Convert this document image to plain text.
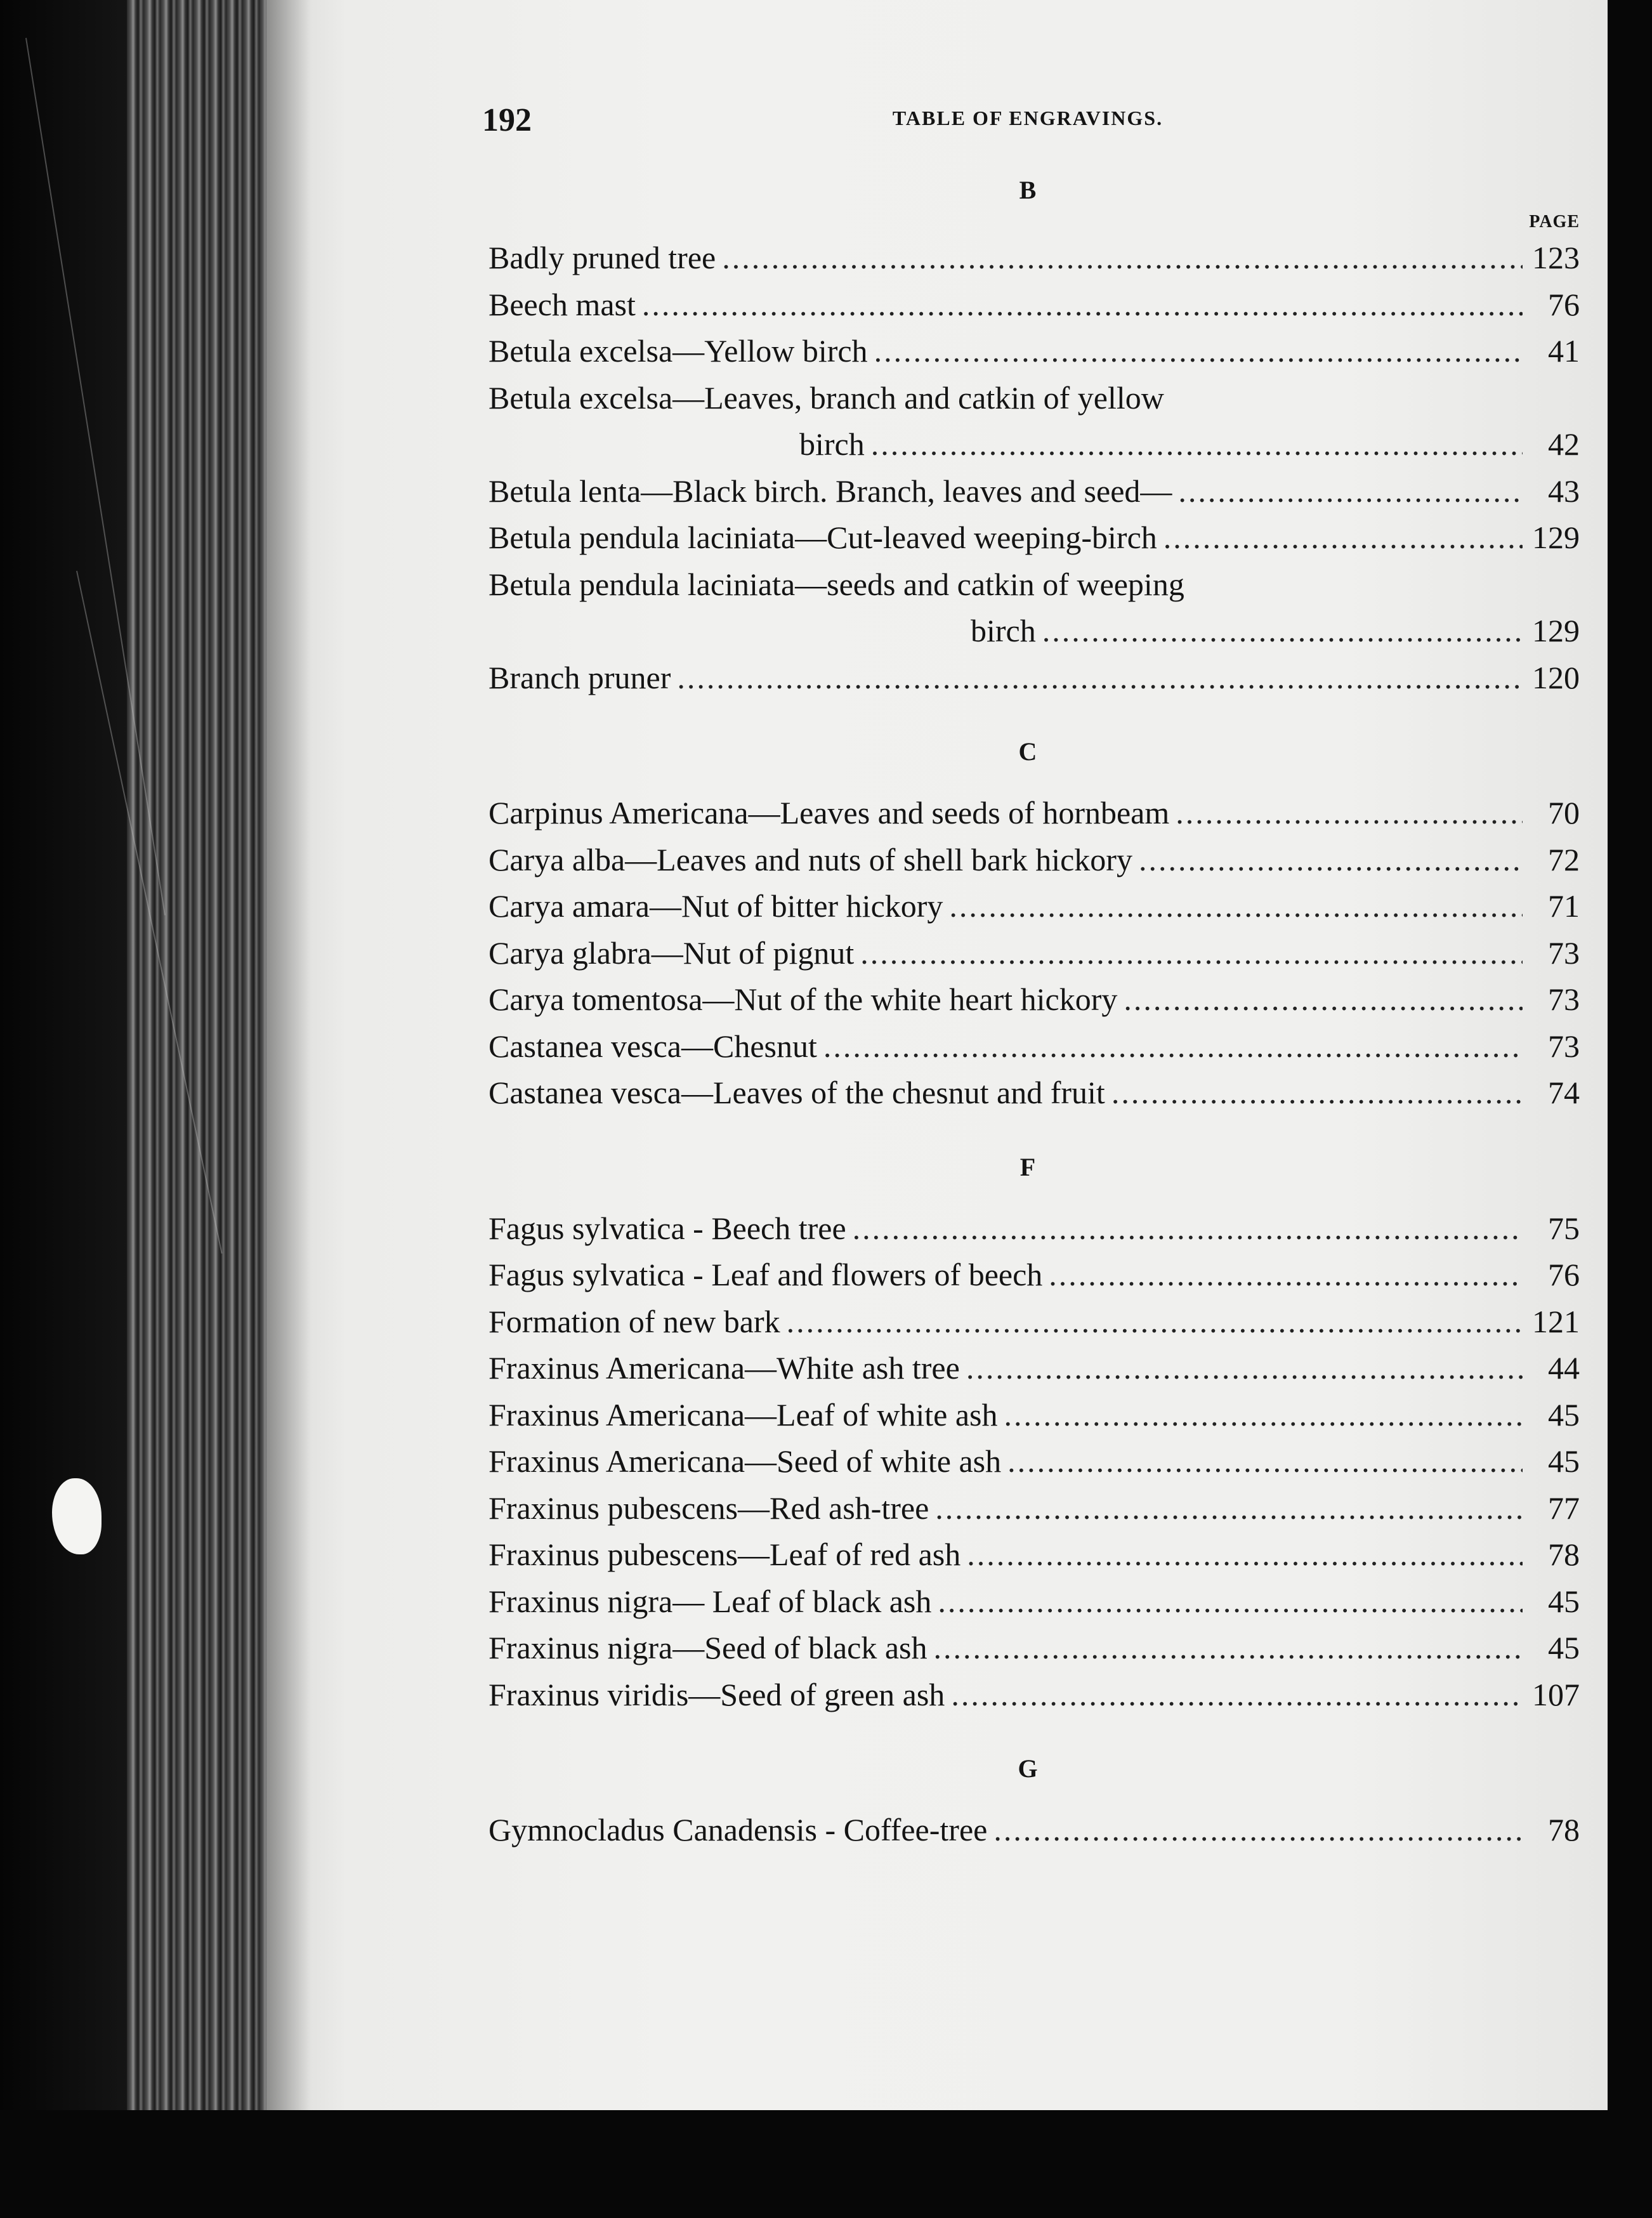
192	TABLE OF ENGRAVINGS.
B
PAGE
Badly pruned tree .....	123
Beech mast .....	76
Betula excelsa—Yellow birch .....	41
Betula excelsa—Leaves, branch and catkin of yellow
birch .....	42
Betula lenta—Black birch. Branch, leaves and seed— .....	43
Betula pendula laciniata—Cut-leaved weeping-birch .....	129
Betula pendula laciniata—seeds and catkin of weeping
birch .....	129
Branch pruner .....	120
C
Carpinus Americana—Leaves and seeds of hornbeam .....	70
Carya alba—Leaves and nuts of shell bark hickory .....	72
Carya amara—Nut of bitter hickory .....	71
Carya glabra—Nut of pignut .....	73
Carya tomentosa—Nut of the white heart hickory .....	73
Castanea vesca—Chesnut .....	73
Castanea vesca—Leaves of the chesnut and fruit .....	74
F
Fagus sylvatica - Beech tree .....	75
Fagus sylvatica - Leaf and flowers of beech .....	76
Formation of new bark .....	121
Fraxinus Americana—White ash tree .....	44
Fraxinus Americana—Leaf of white ash .....	45
Fraxinus Americana—Seed of white ash .....	45
Fraxinus pubescens—Red ash-tree .....	77
Fraxinus pubescens—Leaf of red ash .....	78
Fraxinus nigra— Leaf of black ash .....	45
Fraxinus nigra—Seed of black ash .....	45
Fraxinus viridis—Seed of green ash .....	107
G
Gymnocladus Canadensis - Coffee-tree .....	78
